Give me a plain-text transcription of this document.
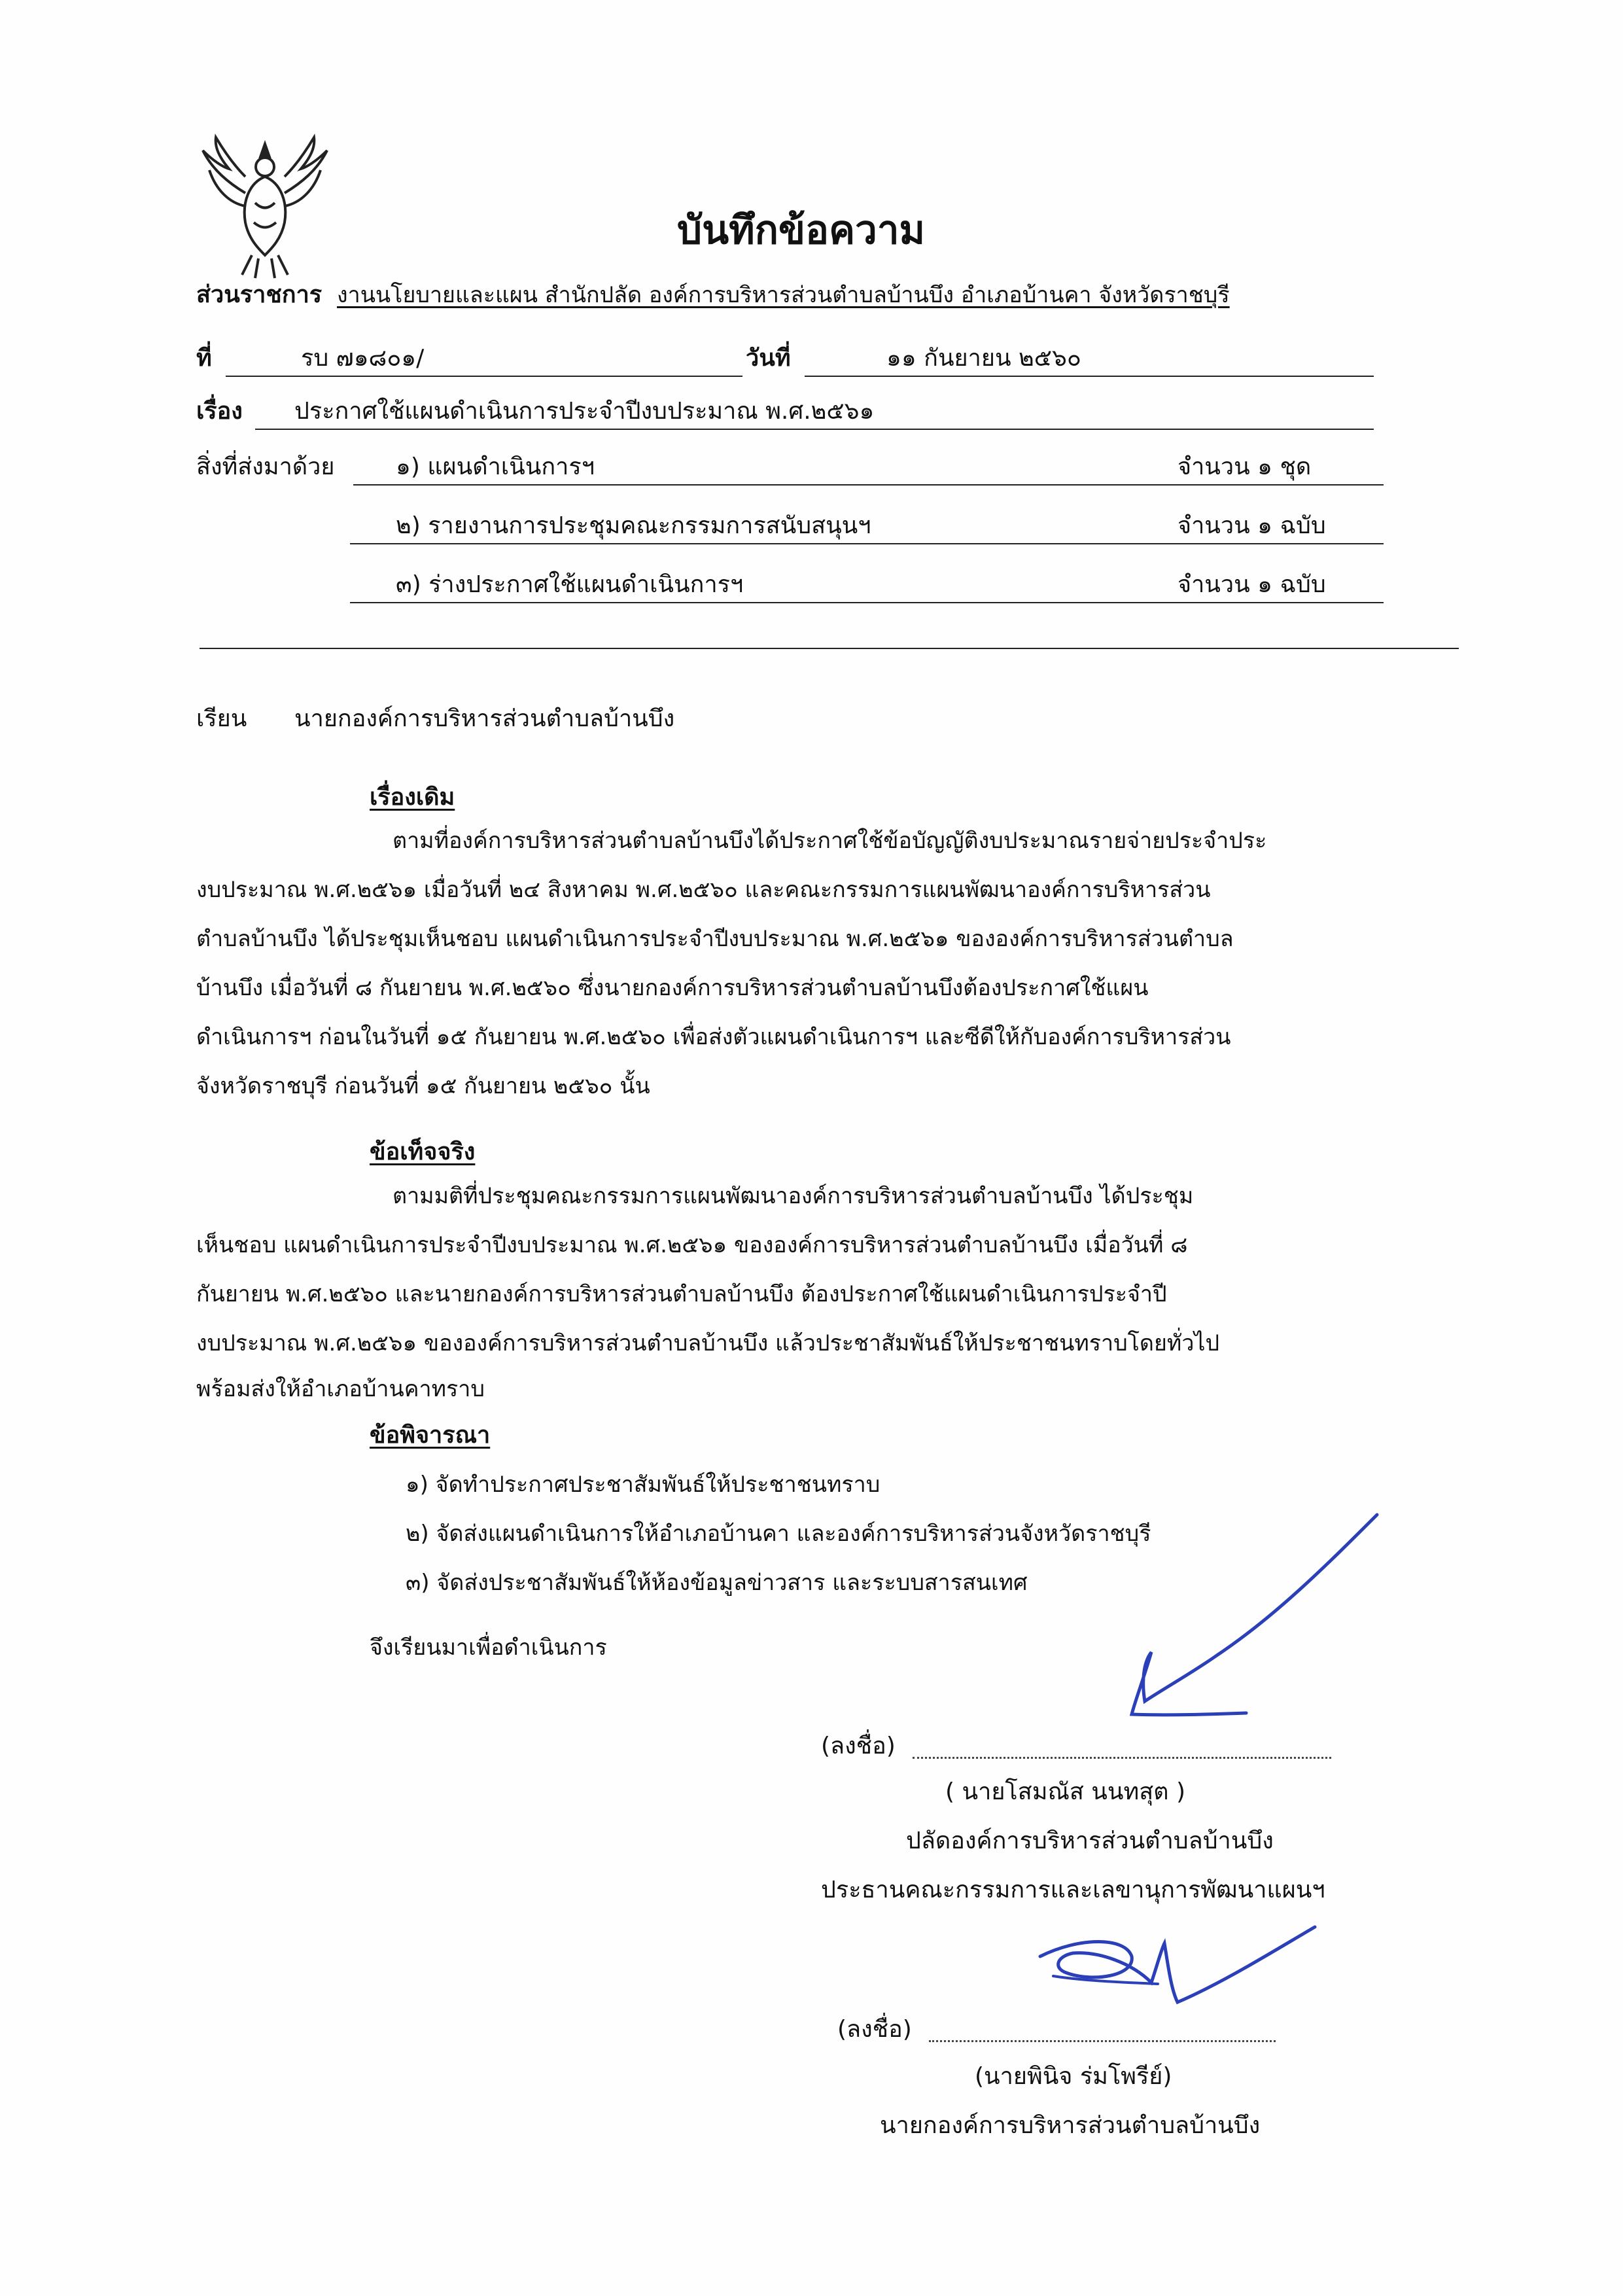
บันทึกข้อความ
ส่วนราชการ งานนโยบายและแผน สำนักปลัด องค์การบริหารส่วนตำบลบ้านบึง อำเภอบ้านคา จังหวัดราชบุรี
ที่	รบ ๗๑๘๐๑/	วันที่	๑๑ กันยายน ๒๕๖๐
เรื่อง ประกาศใช้แผนดำเนินการประจำปีงบประมาณ พ.ศ.๒๕๖๑
สิ่งที่ส่งมาด้วย	๑) แผนดำเนินการฯ	จำนวน ๑ ชุด
๒) รายงานการประชุมคณะกรรมการสนับสนุนฯ	จำนวน ๑ ฉบับ
๓) ร่างประกาศใช้แผนดำเนินการฯ	จำนวน ๑ ฉบับ
เรียน นายกองค์การบริหารส่วนตำบลบ้านบึง
เรื่องเดิม
ตามที่องค์การบริหารส่วนตำบลบ้านบึงได้ประกาศใช้ข้อบัญญัติงบประมาณรายจ่ายประจำประ
งบประมาณ พ.ศ.๒๕๖๑ เมื่อวันที่ ๒๔ สิงหาคม พ.ศ.๒๕๖๐ และคณะกรรมการแผนพัฒนาองค์การบริหารส่วน
ตำบลบ้านบึง ได้ประชุมเห็นชอบ แผนดำเนินการประจำปีงบประมาณ พ.ศ.๒๕๖๑ ขององค์การบริหารส่วนตำบล
บ้านบึง เมื่อวันที่ ๘ กันยายน พ.ศ.๒๕๖๐ ซึ่งนายกองค์การบริหารส่วนตำบลบ้านบึงต้องประกาศใช้แผน
ดำเนินการฯ ก่อนในวันที่ ๑๕ กันยายน พ.ศ.๒๕๖๐ เพื่อส่งตัวแผนดำเนินการฯ และซีดีให้กับองค์การบริหารส่วน
จังหวัดราชบุรี ก่อนวันที่ ๑๕ กันยายน ๒๕๖๐ นั้น
ข้อเท็จจริง
ตามมติที่ประชุมคณะกรรมการแผนพัฒนาองค์การบริหารส่วนตำบลบ้านบึง ได้ประชุม
เห็นชอบ แผนดำเนินการประจำปีงบประมาณ พ.ศ.๒๕๖๑ ขององค์การบริหารส่วนตำบลบ้านบึง เมื่อวันที่ ๘
กันยายน พ.ศ.๒๕๖๐ และนายกองค์การบริหารส่วนตำบลบ้านบึง ต้องประกาศใช้แผนดำเนินการประจำปี
งบประมาณ พ.ศ.๒๕๖๑ ขององค์การบริหารส่วนตำบลบ้านบึง แล้วประชาสัมพันธ์ให้ประชาชนทราบโดยทั่วไป
พร้อมส่งให้อำเภอบ้านคาทราบ
ข้อพิจารณา
๑) จัดทำประกาศประชาสัมพันธ์ให้ประชาชนทราบ
๒) จัดส่งแผนดำเนินการให้อำเภอบ้านคา และองค์การบริหารส่วนจังหวัดราชบุรี
๓) จัดส่งประชาสัมพันธ์ให้ห้องข้อมูลข่าวสาร และระบบสารสนเทศ
จึงเรียนมาเพื่อดำเนินการ
(ลงชื่อ)
( นายโสมณัส นนทสุต )
ปลัดองค์การบริหารส่วนตำบลบ้านบึง
ประธานคณะกรรมการและเลขานุการพัฒนาแผนฯ
(ลงชื่อ)
(นายพินิจ ร่มโพรีย์)
นายกองค์การบริหารส่วนตำบลบ้านบึง
